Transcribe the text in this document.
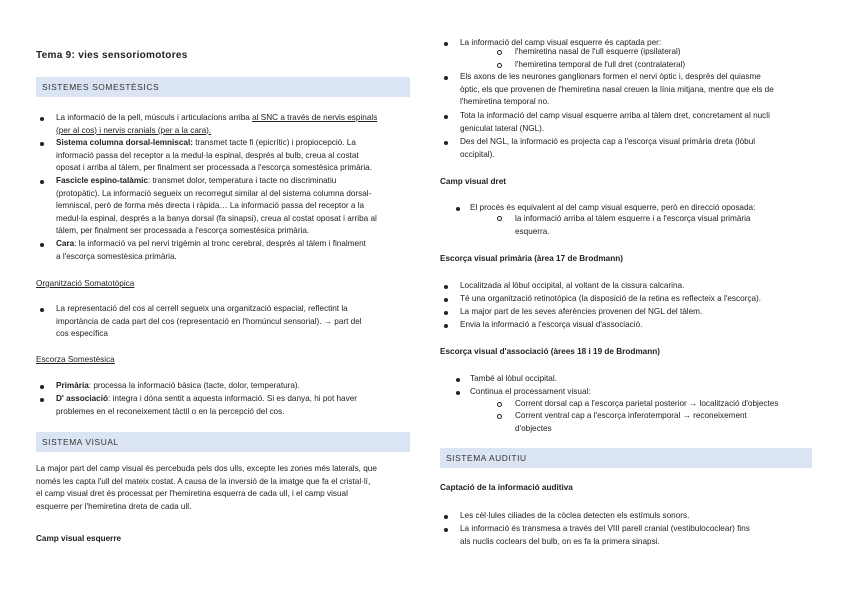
Tema 9: vies sensoriomotores
SISTEMES SOMESTÈSICS
La informació de la pell, músculs i articulacions arriba al SNC a través de nervis espinals
(per al cos) i nervis cranials (per a la cara).
Sistema columna dorsal-lemniscal: transmet tacte fi (epicrític) i propiocepció. La
informació passa del receptor a la medul·la espinal, després al bulb, creua al costat
oposat i arriba al tàlem, per finalment ser processada a l'escorça somestèsica primària.
Fascicle espino-talàmic: transmet dolor, temperatura i tacte no discriminatiu
(protopàtic). La informació segueix un recorregut similar al del sistema columna dorsal-
lemniscal, però de forma més directa i ràpida… La informació passa del receptor a la
medul·la espinal, després a la banya dorsal (fa sinapsi), creua al costat oposat i arriba al
tàlem, per finalment ser processada a l'escorça somestèsica primària.
Cara: la informació va pel nervi trigèmin al tronc cerebral, després al tàlem i finalment
a l'escorça somestèsica primària.
Organització Somatotòpica
La representació del cos al cerrell segueix una organització espacial, reflectint la
importància de cada part del cos (representació en l'homúncul sensorial). → part del
cos específica
Escorza Somestèsica
Primària: processa la informació bàsica (tacte, dolor, temperatura).
D' associació: integra i dóna sentit a aquesta informació. Si es danya, hi pot haver
problemes en el reconeixement tàctil o en la percepció del cos.
SISTEMA VISUAL
La major part del camp visual és percebuda pels dos ulls, excepte les zones més laterals, que
només les capta l'ull del mateix costat. A causa de la inversió de la imatge que fa el cristal·lí,
el camp visual dret és processat per l'hemiretina esquerra de cada ull, i el camp visual
esquerre per l'hemiretina dreta de cada ull.
Camp visual esquerre
La informació del camp visual esquerre és captada per:
l'hemiretina nasal de l'ull esquerre (ipsilateral)
l'hemiretina temporal de l'ull dret (contralateral)
Els axons de les neurones ganglionars formen el nervi òptic i, després del quiasme
òptic, els que provenen de l'hemiretina nasal creuen la línia mitjana, mentre que els de
l'hemiretina temporal no.
Tota la informació del camp visual esquerre arriba al tàlem dret, concretament al nucli
geniculat lateral (NGL).
Des del NGL, la informació es projecta cap a l'escorça visual primària dreta (lòbul
occipital).
Camp visual dret
El procés és equivalent al del camp visual esquerre, però en direcció oposada:
la informació arriba al tàlem esquerre i a l'escorça visual primària
esquerra.
Escorça visual primària (àrea 17 de Brodmann)
Localitzada al lòbul occipital, al voltant de la cissura calcarina.
Té una organització retinotòpica (la disposició de la retina es reflecteix a l'escorça).
La major part de les seves aferències provenen del NGL del tàlem.
Envia la informació a l'escorça visual d'associació.
Escorça visual d'associació (àrees 18 i 19 de Brodmann)
També al lòbul occipital.
Continua el processament visual:
Corrent dorsal cap a l'escorça parietal posterior → localització d'objectes
Corrent ventral cap a l'escorça inferotemporal → reconeixement
d'objectes
SISTEMA AUDITIU
Captació de la informació auditiva
Les cèl·lules ciliades de la còclea detecten els estímuls sonors.
La informació és transmesa a través del VIII parell cranial (vestibulococlear) fins
als nuclis coclears del bulb, on es fa la primera sinapsi.
